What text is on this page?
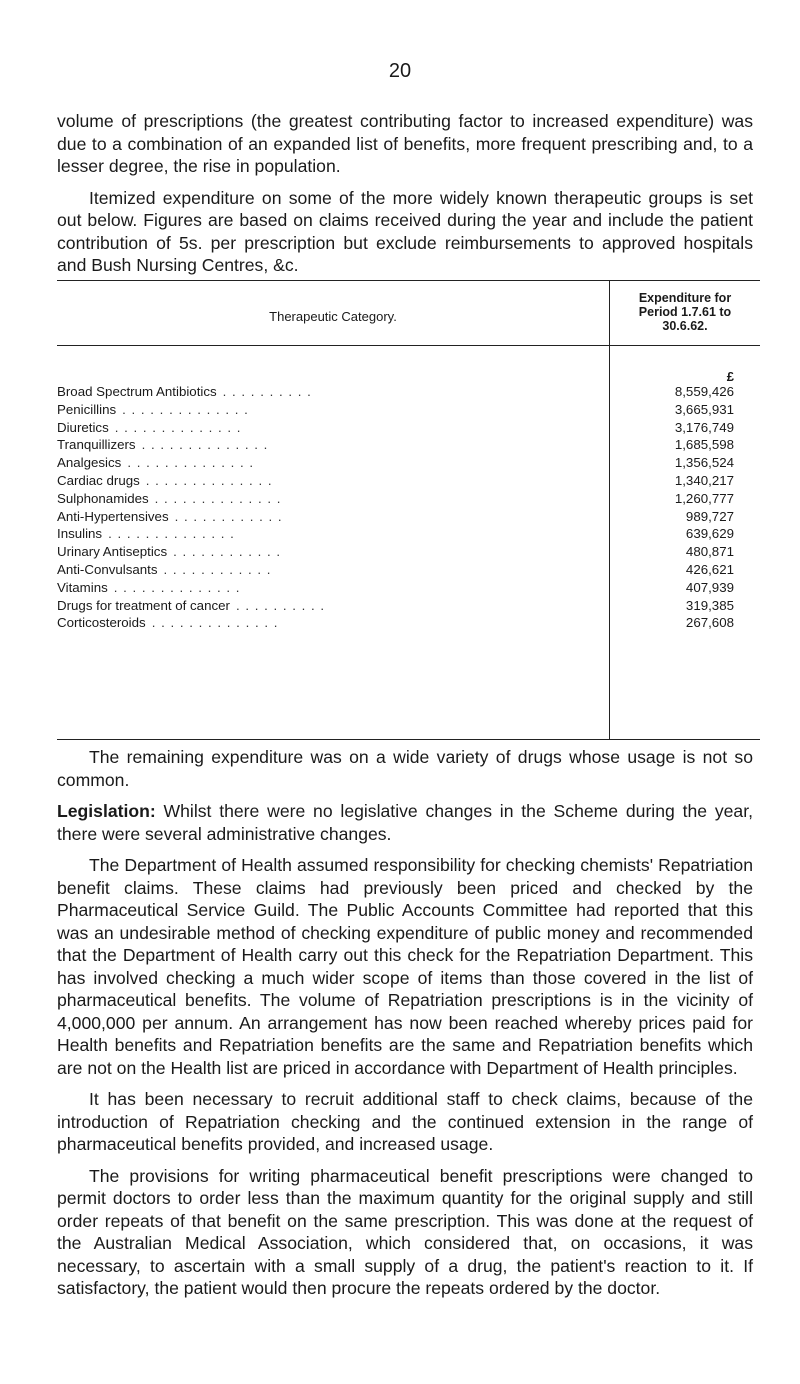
20

volume of prescriptions (the greatest contributing factor to increased expenditure) was due to a combination of an expanded list of benefits, more frequent prescribing and, to a lesser degree, the rise in population.

Itemized expenditure on some of the more widely known therapeutic groups is set out below. Figures are based on claims received during the year and include the patient contribution of 5s. per prescription but exclude reimbursements to approved hospitals and Bush Nursing Centres, &c.

Therapeutic Category.
Expenditure for
Period 1.7.61 to
30.6.62.
£
Broad Spectrum Antibiotics . . . . . . . . . .	8,559,426
Penicillins . . . . . . . . . . . . . .	3,665,931
Diuretics . . . . . . . . . . . . . .	3,176,749
Tranquillizers . . . . . . . . . . . . . .	1,685,598
Analgesics . . . . . . . . . . . . . .	1,356,524
Cardiac drugs . . . . . . . . . . . . . .	1,340,217
Sulphonamides . . . . . . . . . . . . . .	1,260,777
Anti-Hypertensives . . . . . . . . . . . .	989,727
Insulins . . . . . . . . . . . . . .	639,629
Urinary Antiseptics . . . . . . . . . . . .	480,871
Anti-Convulsants . . . . . . . . . . . .	426,621
Vitamins . . . . . . . . . . . . . .	407,939
Drugs for treatment of cancer . . . . . . . . . .	319,385
Corticosteroids . . . . . . . . . . . . . .	267,608

The remaining expenditure was on a wide variety of drugs whose usage is not so common.

Legislation: Whilst there were no legislative changes in the Scheme during the year, there were several administrative changes.

The Department of Health assumed responsibility for checking chemists' Repatriation benefit claims. These claims had previously been priced and checked by the Pharmaceutical Service Guild. The Public Accounts Committee had reported that this was an undesirable method of checking expenditure of public money and recommended that the Department of Health carry out this check for the Repatriation Department. This has involved checking a much wider scope of items than those covered in the list of pharmaceutical benefits. The volume of Repatriation prescriptions is in the vicinity of 4,000,000 per annum. An arrangement has now been reached whereby prices paid for Health benefits and Repatriation benefits are the same and Repatriation benefits which are not on the Health list are priced in accordance with Department of Health principles.

It has been necessary to recruit additional staff to check claims, because of the introduction of Repatriation checking and the continued extension in the range of pharmaceutical benefits provided, and increased usage.

The provisions for writing pharmaceutical benefit prescriptions were changed to permit doctors to order less than the maximum quantity for the original supply and still order repeats of that benefit on the same prescription. This was done at the request of the Australian Medical Association, which considered that, on occasions, it was necessary, to ascertain with a small supply of a drug, the patient's reaction to it. If satisfactory, the patient would then procure the repeats ordered by the doctor.
